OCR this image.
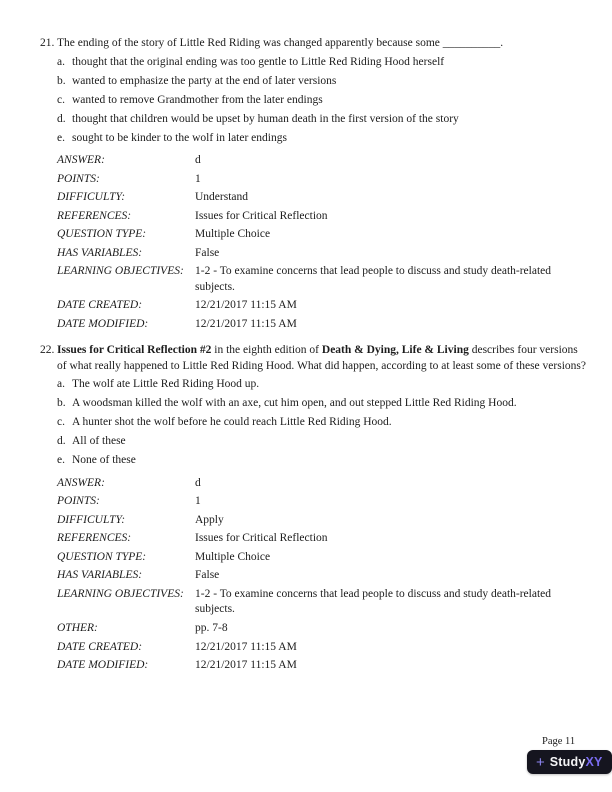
21. The ending of the story of Little Red Riding was changed apparently because some __________.
a. thought that the original ending was too gentle to Little Red Riding Hood herself
b. wanted to emphasize the party at the end of later versions
c. wanted to remove Grandmother from the later endings
d. thought that children would be upset by human death in the first version of the story
e. sought to be kinder to the wolf in later endings
ANSWER:	d
POINTS:	1
DIFFICULTY:	Understand
REFERENCES:	Issues for Critical Reflection
QUESTION TYPE:	Multiple Choice
HAS VARIABLES:	False
LEARNING OBJECTIVES: 1-2 - To examine concerns that lead people to discuss and study death-related subjects.
DATE CREATED:	12/21/2017 11:15 AM
DATE MODIFIED:	12/21/2017 11:15 AM
22. Issues for Critical Reflection #2 in the eighth edition of Death & Dying, Life & Living describes four versions of what really happened to Little Red Riding Hood. What did happen, according to at least some of these versions?
a. The wolf ate Little Red Riding Hood up.
b. A woodsman killed the wolf with an axe, cut him open, and out stepped Little Red Riding Hood.
c. A hunter shot the wolf before he could reach Little Red Riding Hood.
d. All of these
e. None of these
ANSWER:	d
POINTS:	1
DIFFICULTY:	Apply
REFERENCES:	Issues for Critical Reflection
QUESTION TYPE:	Multiple Choice
HAS VARIABLES:	False
LEARNING OBJECTIVES: 1-2 - To examine concerns that lead people to discuss and study death-related subjects.
OTHER:	pp. 7-8
DATE CREATED:	12/21/2017 11:15 AM
DATE MODIFIED:	12/21/2017 11:15 AM
Page 11
+ StudyXY
